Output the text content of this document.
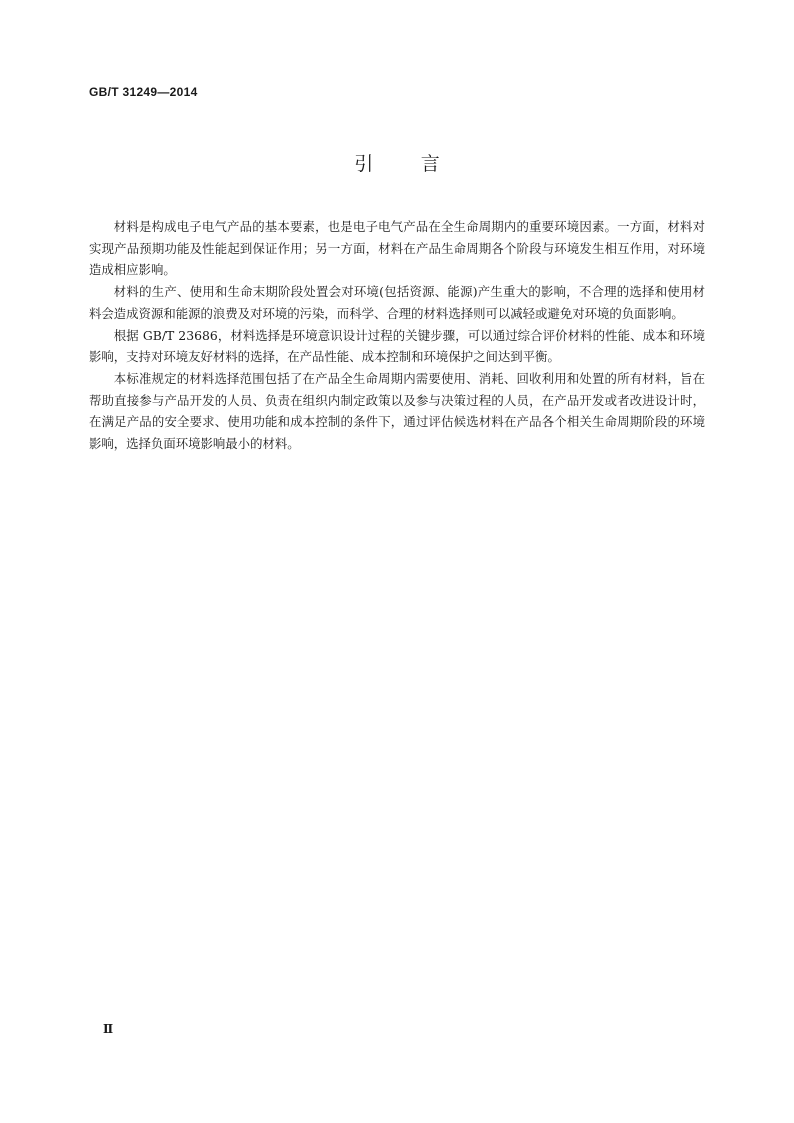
GB/T 31249—2014
引 言

材料是构成电子电气产品的基本要素，也是电子电气产品在全生命周期内的重要环境因素。一方面，材料对实现产品预期功能及性能起到保证作用；另一方面，材料在产品生命周期各个阶段与环境发生相互作用，对环境造成相应影响。

材料的生产、使用和生命末期阶段处置会对环境(包括资源、能源)产生重大的影响，不合理的选择和使用材料会造成资源和能源的浪费及对环境的污染，而科学、合理的材料选择则可以减轻或避免对环境的负面影响。

根据 GB/T 23686，材料选择是环境意识设计过程的关键步骤，可以通过综合评价材料的性能、成本和环境影响，支持对环境友好材料的选择，在产品性能、成本控制和环境保护之间达到平衡。

本标准规定的材料选择范围包括了在产品全生命周期内需要使用、消耗、回收利用和处置的所有材料，旨在帮助直接参与产品开发的人员、负责在组织内制定政策以及参与决策过程的人员，在产品开发或者改进设计时，在满足产品的安全要求、使用功能和成本控制的条件下，通过评估候选材料在产品各个相关生命周期阶段的环境影响，选择负面环境影响最小的材料。

Ⅱ
